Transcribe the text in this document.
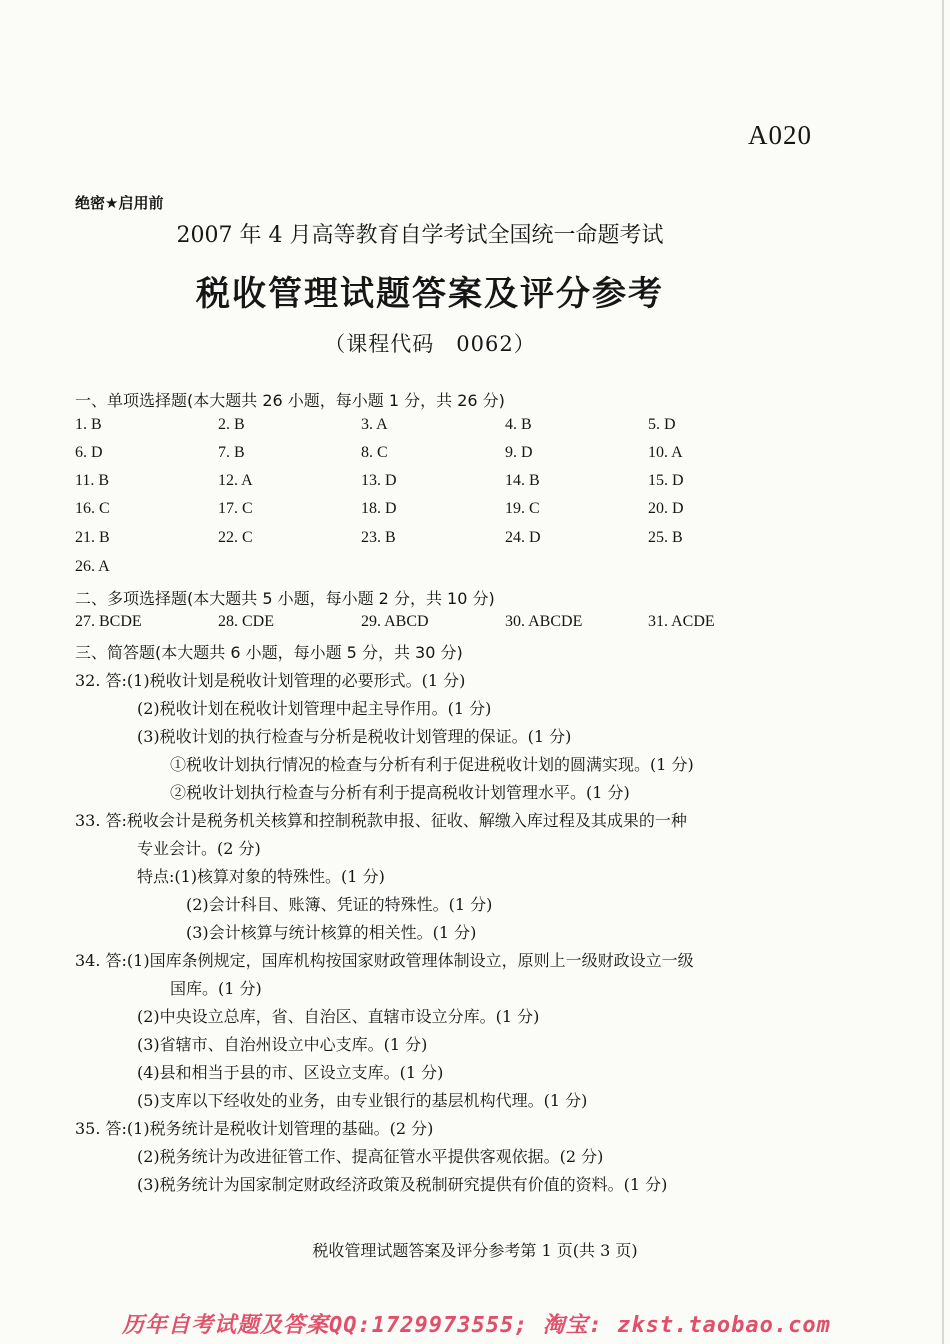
A020
绝密★启用前
2007 年 4 月高等教育自学考试全国统一命题考试
税收管理试题答案及评分参考
（课程代码　0062）
一、单项选择题(本大题共 26 小题，每小题 1 分，共 26 分)
1. B	2. B	3. A	4. B	5. D
6. D	7. B	8. C	9. D	10. A
11. B	12. A	13. D	14. B	15. D
16. C	17. C	18. D	19. C	20. D
21. B	22. C	23. B	24. D	25. B
26. A
二、多项选择题(本大题共 5 小题，每小题 2 分，共 10 分)
27. BCDE	28. CDE	29. ABCD	30. ABCDE	31. ACDE
三、简答题(本大题共 6 小题，每小题 5 分，共 30 分)
32. 答:(1)税收计划是税收计划管理的必要形式。(1 分)
(2)税收计划在税收计划管理中起主导作用。(1 分)
(3)税收计划的执行检查与分析是税收计划管理的保证。(1 分)
①税收计划执行情况的检查与分析有利于促进税收计划的圆满实现。(1 分)
②税收计划执行检查与分析有利于提高税收计划管理水平。(1 分)
33. 答:税收会计是税务机关核算和控制税款申报、征收、解缴入库过程及其成果的一种
专业会计。(2 分)
特点:(1)核算对象的特殊性。(1 分)
(2)会计科目、账簿、凭证的特殊性。(1 分)
(3)会计核算与统计核算的相关性。(1 分)
34. 答:(1)国库条例规定，国库机构按国家财政管理体制设立，原则上一级财政设立一级
国库。(1 分)
(2)中央设立总库，省、自治区、直辖市设立分库。(1 分)
(3)省辖市、自治州设立中心支库。(1 分)
(4)县和相当于县的市、区设立支库。(1 分)
(5)支库以下经收处的业务，由专业银行的基层机构代理。(1 分)
35. 答:(1)税务统计是税收计划管理的基础。(2 分)
(2)税务统计为改进征管工作、提高征管水平提供客观依据。(2 分)
(3)税务统计为国家制定财政经济政策及税制研究提供有价值的资料。(1 分)
税收管理试题答案及评分参考第 1 页(共 3 页)
历年自考试题及答案QQ:1729973555; 淘宝: zkst.taobao.com
